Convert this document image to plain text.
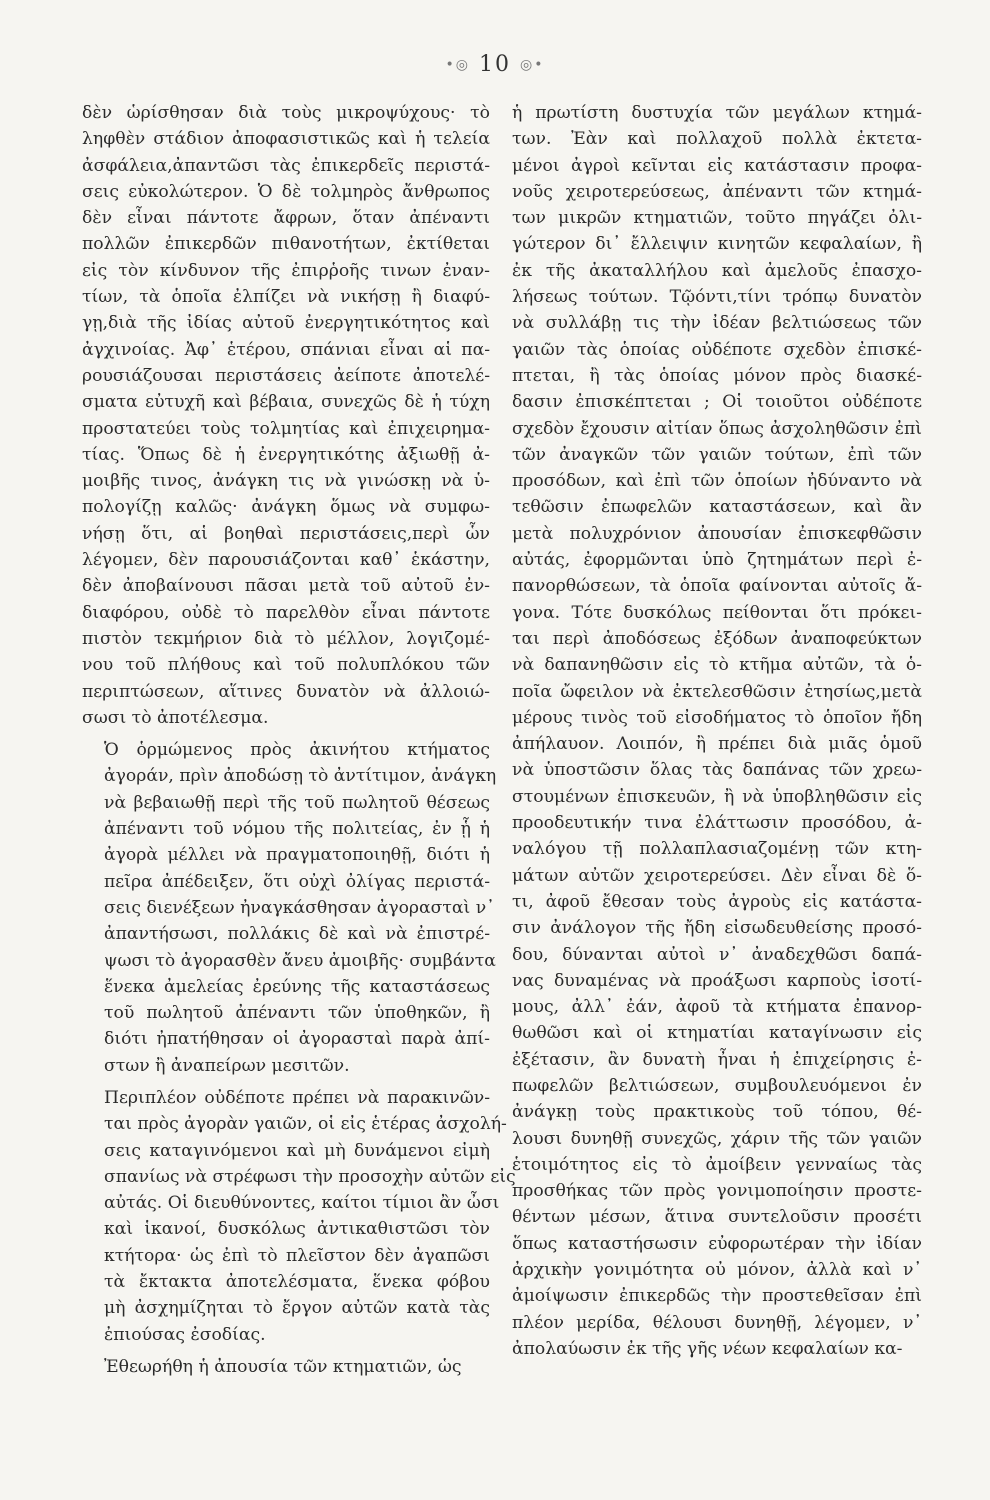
•◎ 10 ◎•

δὲν ὡρίσθησαν διὰ τοὺς μικροψύχους· τὸ
ληφθὲν στάδιον ἀποφασιστικῶς καὶ ἡ τελεία
ἀσφάλεια,ἀπαντῶσι τὰς ἐπικερδεῖς περιστά-
σεις εὐκολώτερον. Ὁ δὲ τολμηρὸς ἄνθρωπος
δὲν εἶναι πάντοτε ἄφρων, ὅταν ἀπέναντι
πολλῶν ἐπικερδῶν πιθανοτήτων, ἐκτίθεται
εἰς τὸν κίνδυνον τῆς ἐπιρῥοῆς τινων ἐναν-
τίων, τὰ ὁποῖα ἐλπίζει νὰ νικήσῃ ἢ διαφύ-
γῃ,διὰ τῆς ἰδίας αὐτοῦ ἐνεργητικότητος καὶ
ἀγχινοίας. Ἀφ᾽ ἑτέρου, σπάνιαι εἶναι αἱ πα-
ρουσιάζουσαι περιστάσεις ἀείποτε ἀποτελέ-
σματα εὐτυχῆ καὶ βέβαια, συνεχῶς δὲ ἡ τύχη
προστατεύει τοὺς τολμητίας καὶ ἐπιχειρημα-
τίας. Ὅπως δὲ ἡ ἐνεργητικότης ἀξιωθῇ ἀ-
μοιβῆς τινος, ἀνάγκη τις νὰ γινώσκῃ νὰ ὑ-
πολογίζῃ καλῶς· ἀνάγκη ὅμως νὰ συμφω-
νήσῃ ὅτι, αἱ βοηθαὶ περιστάσεις,περὶ ὧν
λέγομεν, δὲν παρουσιάζονται καθ᾽ ἑκάστην,
δὲν ἀποβαίνουσι πᾶσαι μετὰ τοῦ αὐτοῦ ἐν-
διαφόρου, οὐδὲ τὸ παρελθὸν εἶναι πάντοτε
πιστὸν τεκμήριον διὰ τὸ μέλλον, λογιζομέ-
νου τοῦ πλήθους καὶ τοῦ πολυπλόκου τῶν
περιπτώσεων, αἵτινες δυνατὸν νὰ ἀλλοιώ-
σωσι τὸ ἀποτέλεσμα.

Ὁ ὁρμώμενος πρὸς ἀκινήτου κτήματος
ἀγοράν, πρὶν ἀποδώσῃ τὸ ἀντίτιμον, ἀνάγκη
νὰ βεβαιωθῇ περὶ τῆς τοῦ πωλητοῦ θέσεως
ἀπέναντι τοῦ νόμου τῆς πολιτείας, ἐν ᾗ ἡ
ἀγορὰ μέλλει νὰ πραγματοποιηθῇ, διότι ἡ
πεῖρα ἀπέδειξεν, ὅτι οὐχὶ ὀλίγας περιστά-
σεις διενέξεων ἠναγκάσθησαν ἀγορασταὶ ν᾽
ἀπαντήσωσι, πολλάκις δὲ καὶ νὰ ἐπιστρέ-
ψωσι τὸ ἀγορασθὲν ἄνευ ἀμοιβῆς· συμβάντα
ἕνεκα ἀμελείας ἐρεύνης τῆς καταστάσεως
τοῦ πωλητοῦ ἀπέναντι τῶν ὑποθηκῶν, ἢ
διότι ἠπατήθησαν οἱ ἀγορασταὶ παρὰ ἀπί-
στων ἢ ἀναπείρων μεσιτῶν.

Περιπλέον οὐδέποτε πρέπει νὰ παρακινῶν-
ται πρὸς ἀγορὰν γαιῶν, οἱ εἰς ἑτέρας ἀσχολή-
σεις καταγινόμενοι καὶ μὴ δυνάμενοι εἰμὴ
σπανίως νὰ στρέφωσι τὴν προσοχὴν αὐτῶν εἰς
αὐτάς. Οἱ διευθύνοντες, καίτοι τίμιοι ἂν ὦσι
καὶ ἱκανοί, δυσκόλως ἀντικαθιστῶσι τὸν
κτήτορα· ὡς ἐπὶ τὸ πλεῖστον δὲν ἀγαπῶσι
τὰ ἔκτακτα ἀποτελέσματα, ἕνεκα φόβου
μὴ ἀσχημίζηται τὸ ἔργον αὐτῶν κατὰ τὰς
ἐπιούσας ἐσοδίας.

Ἐθεωρήθη ἡ ἀπουσία τῶν κτηματιῶν, ὡς

ἡ πρωτίστη δυστυχία τῶν μεγάλων κτημά-
των. Ἐὰν καὶ πολλαχοῦ πολλὰ ἐκτετα-
μένοι ἀγροὶ κεῖνται εἰς κατάστασιν προφα-
νοῦς χειροτερεύσεως, ἀπέναντι τῶν κτημά-
των μικρῶν κτηματιῶν, τοῦτο πηγάζει ὀλι-
γώτερον δι᾽ ἔλλειψιν κινητῶν κεφαλαίων, ἢ
ἐκ τῆς ἀκαταλλήλου καὶ ἀμελοῦς ἐπασχο-
λήσεως τούτων. Τῷόντι,τίνι τρόπῳ δυνατὸν
νὰ συλλάβῃ τις τὴν ἰδέαν βελτιώσεως τῶν
γαιῶν τὰς ὁποίας οὐδέποτε σχεδὸν ἐπισκέ-
πτεται, ἢ τὰς ὁποίας μόνον πρὸς διασκέ-
δασιν ἐπισκέπτεται ; Οἱ τοιοῦτοι οὐδέποτε
σχεδὸν ἔχουσιν αἰτίαν ὅπως ἀσχοληθῶσιν ἐπὶ
τῶν ἀναγκῶν τῶν γαιῶν τούτων, ἐπὶ τῶν
προσόδων, καὶ ἐπὶ τῶν ὁποίων ἠδύναντο νὰ
τεθῶσιν ἐπωφελῶν καταστάσεων, καὶ ἂν
μετὰ πολυχρόνιον ἀπουσίαν ἐπισκεφθῶσιν
αὐτάς, ἐφορμῶνται ὑπὸ ζητημάτων περὶ ἐ-
πανορθώσεων, τὰ ὁποῖα φαίνονται αὐτοῖς ἄ-
γονα. Τότε δυσκόλως πείθονται ὅτι πρόκει-
ται περὶ ἀποδόσεως ἐξόδων ἀναποφεύκτων
νὰ δαπανηθῶσιν εἰς τὸ κτῆμα αὐτῶν, τὰ ὁ-
ποῖα ὤφειλον νὰ ἐκτελεσθῶσιν ἐτησίως,μετὰ
μέρους τινὸς τοῦ εἰσοδήματος τὸ ὁποῖον ἤδη
ἀπήλαυον. Λοιπόν, ἢ πρέπει διὰ μιᾶς ὁμοῦ
νὰ ὑποστῶσιν ὅλας τὰς δαπάνας τῶν χρεω-
στουμένων ἐπισκευῶν, ἢ νὰ ὑποβληθῶσιν εἰς
προοδευτικήν τινα ἐλάττωσιν προσόδου, ἀ-
ναλόγου τῇ πολλαπλασιαζομένῃ τῶν κτη-
μάτων αὐτῶν χειροτερεύσει. Δὲν εἶναι δὲ ὅ-
τι, ἀφοῦ ἔθεσαν τοὺς ἀγροὺς εἰς κατάστα-
σιν ἀνάλογον τῆς ἤδη εἰσωδευθείσης προσό-
δου, δύνανται αὐτοὶ ν᾽ ἀναδεχθῶσι δαπά-
νας δυναμένας νὰ προάξωσι καρποὺς ἰσοτί-
μους, ἀλλ᾽ ἐάν, ἀφοῦ τὰ κτήματα ἐπανορ-
θωθῶσι καὶ οἱ κτηματίαι καταγίνωσιν εἰς
ἐξέτασιν, ἂν δυνατὴ ἦναι ἡ ἐπιχείρησις ἐ-
πωφελῶν βελτιώσεων, συμβουλευόμενοι ἐν
ἀνάγκῃ τοὺς πρακτικοὺς τοῦ τόπου, θέ-
λουσι δυνηθῇ συνεχῶς, χάριν τῆς τῶν γαιῶν
ἑτοιμότητος εἰς τὸ ἀμοίβειν γενναίως τὰς
προσθήκας τῶν πρὸς γονιμοποίησιν προστε-
θέντων μέσων, ἅτινα συντελοῦσιν προσέτι
ὅπως καταστήσωσιν εὐφορωτέραν τὴν ἰδίαν
ἀρχικὴν γονιμότητα οὐ μόνον, ἀλλὰ καὶ ν᾽
ἀμοίψωσιν ἐπικερδῶς τὴν προστεθεῖσαν ἐπὶ
πλέον μερίδα, θέλουσι δυνηθῇ, λέγομεν, ν᾽
ἀπολαύωσιν ἐκ τῆς γῆς νέων κεφαλαίων κα-
